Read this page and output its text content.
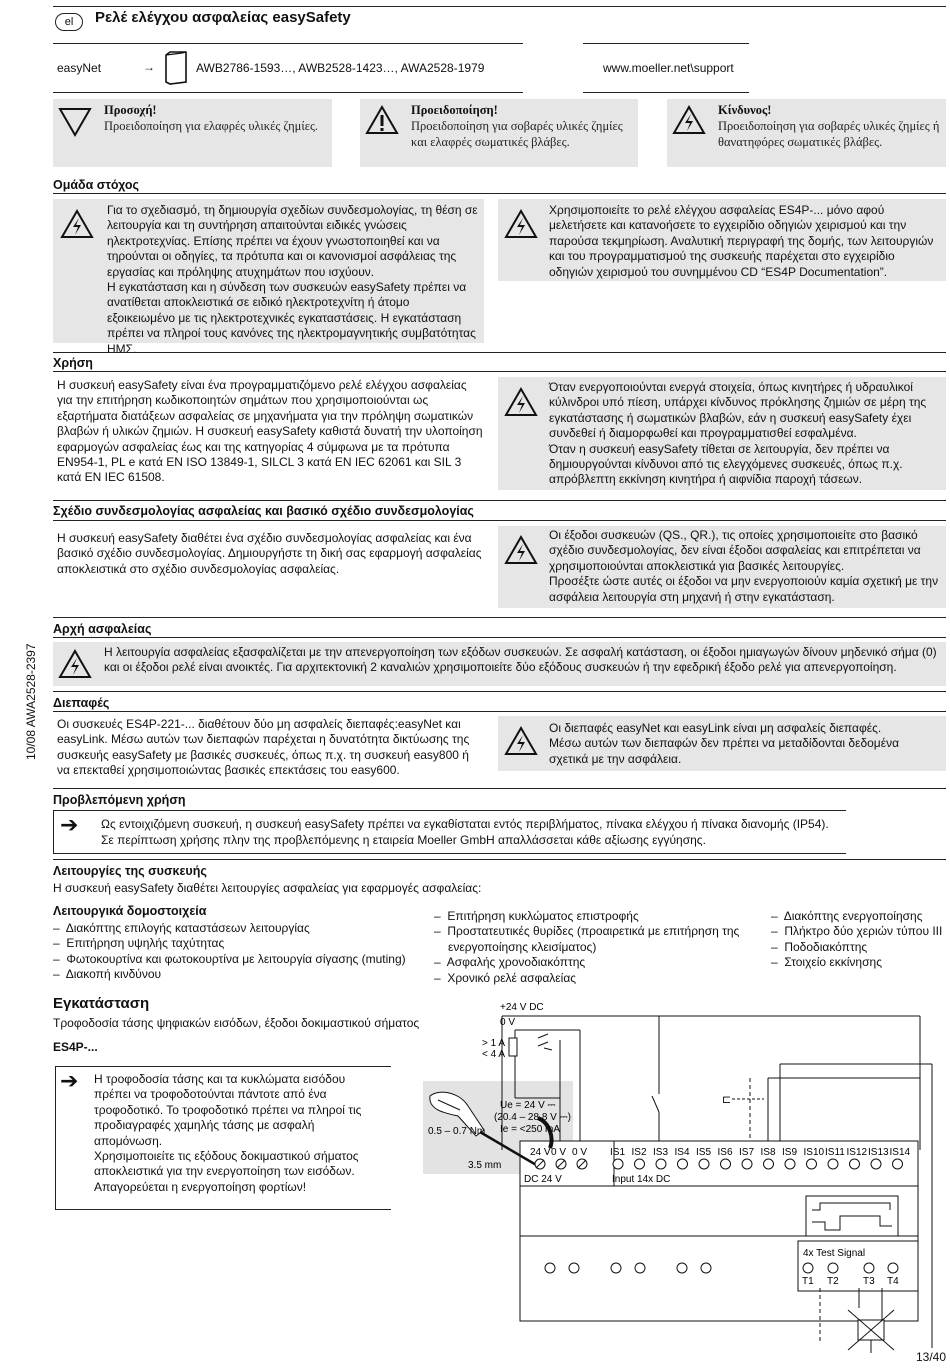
el	Ρελέ ελέγχου ασφαλείας easySafety
easyNet	→	AWB2786-1593…, AWB2528-1423…, AWA2528-1979	www.moeller.net\support
Προσοχή!
Προειδοποίηση για ελαφρές υλικές ζημίες.
Προειδοποίηση!
Προειδοποίηση για σοβαρές υλικές ζημίες και ελαφρές σωματικές βλάβες.
Κίνδυνος!
Προειδοποίηση για σοβαρές υλικές ζημίες ή θανατηφόρες σωματικές βλάβες.
Ομάδα στόχος
Για το σχεδιασμό, τη δημιουργία σχεδίων συνδεσμολογίας, τη θέση σε λειτουργία και τη συντήρηση απαιτούνται ειδικές γνώσεις ηλεκτροτεχνίας. Επίσης πρέπει να έχουν γνωστοποιηθεί και να τηρούνται οι οδηγίες, τα πρότυπα και οι κανονισμοί ασφάλειας της εργασίας και πρόληψης ατυχημάτων που ισχύουν.
Η εγκατάσταση και η σύνδεση των συσκευών easySafety πρέπει να ανατίθεται αποκλειστικά σε ειδικό ηλεκτροτεχνίτη ή άτομο εξοικειωμένο με τις ηλεκτροτεχνικές εγκαταστάσεις. Η εγκατάσταση πρέπει να πληροί τους κανόνες της ηλεκτρομαγνητικής συμβατότητας ΗΜΣ.
Χρησιμοποιείτε το ρελέ ελέγχου ασφαλείας ES4P-... μόνο αφού μελετήσετε και κατανοήσετε το εγχειρίδιο οδηγιών χειρισμού και την παρούσα τεκμηρίωση. Αναλυτική περιγραφή της δομής, των λειτουργιών και του προγραμματισμού της συσκευής παρέχεται στο εγχειρίδιο οδηγιών χειρισμού του συνημμένου CD “ES4P Documentation”.
Χρήση
Η συσκευή easySafety είναι ένα προγραμματιζόμενο ρελέ ελέγχου ασφαλείας για την επιτήρηση κωδικοποιητών σημάτων που χρησιμοποιούνται ως εξαρτήματα διατάξεων ασφαλείας σε μηχανήματα για την πρόληψη σωματικών βλαβών ή υλικών ζημιών. Η συσκευή easySafety καθιστά δυνατή την υλοποίηση εφαρμογών ασφαλείας έως και της κατηγορίας 4 σύμφωνα με τα πρότυπα EN954-1, PL e κατά EN ISO 13849-1, SILCL 3 κατά EN IEC 62061 και SIL 3 κατά EN IEC 61508.
Όταν ενεργοποιούνται ενεργά στοιχεία, όπως κινητήρες ή υδραυλικοί κύλινδροι υπό πίεση, υπάρχει κίνδυνος πρόκλησης ζημιών σε μέρη της εγκατάστασης ή σωματικών βλαβών, εάν η συσκευή easySafety έχει συνδεθεί ή διαμορφωθεί και προγραμματισθεί εσφαλμένα.
Όταν η συσκευή easySafety τίθεται σε λειτουργία, δεν πρέπει να δημιουργούνται κίνδυνοι από τις ελεγχόμενες συσκευές, όπως π.χ. απρόβλεπτη εκκίνηση κινητήρα ή αιφνίδια παροχή τάσεων.
Σχέδιο συνδεσμολογίας ασφαλείας και βασικό σχέδιο συνδεσμολογίας
Η συσκευή easySafety διαθέτει ένα σχέδιο συνδεσμολογίας ασφαλείας και ένα βασικό σχέδιο συνδεσμολογίας. Δημιουργήστε τη δική σας εφαρμογή ασφαλείας αποκλειστικά στο σχέδιο συνδεσμολογίας ασφαλείας.
Οι έξοδοι συσκευών (QS., QR.), τις οποίες χρησιμοποιείτε στο βασικό σχέδιο συνδεσμολογίας, δεν είναι έξοδοι ασφαλείας και επιτρέπεται να χρησιμοποιούνται αποκλειστικά για βασικές λειτουργίες.
Προσέξτε ώστε αυτές οι έξοδοι να μην ενεργοποιούν καμία σχετική με την ασφάλεια λειτουργία στη μηχανή ή στην εγκατάσταση.
Αρχή ασφαλείας
Η λειτουργία ασφαλείας εξασφαλίζεται με την απενεργοποίηση των εξόδων συσκευών. Σε ασφαλή κατάσταση, οι έξοδοι ημιαγωγών δίνουν μηδενικό σήμα (0) και οι έξοδοι ρελέ είναι ανοικτές. Για αρχιτεκτονική 2 καναλιών χρησιμοποιείτε δύο εξόδους συσκευών ή την εφεδρική έξοδο ρελέ για απενεργοποίηση.
Διεπαφές
Οι συσκευές ES4P-221-... διαθέτουν δύο μη ασφαλείς διεπαφές:easyNet και easyLink. Μέσω αυτών των διεπαφών παρέχεται η δυνατότητα δικτύωσης της συσκευής easySafety με βασικές συσκευές, όπως π.χ. τη συσκευή easy800 ή να επεκταθεί χρησιμοποιώντας βασικές επεκτάσεις του easy600.
Οι διεπαφές easyNet και easyLink είναι μη ασφαλείς διεπαφές.
Μέσω αυτών των διεπαφών δεν πρέπει να μεταδίδονται δεδομένα σχετικά με την ασφάλεια.
Προβλεπόμενη χρήση
➔ Ως εντοιχιζόμενη συσκευή, η συσκευή easySafety πρέπει να εγκαθίσταται εντός περιβλήματος, πίνακα ελέγχου ή πίνακα διανομής (IP54).
Σε περίπτωση χρήσης πλην της προβλεπόμενης η εταιρεία Moeller GmbH απαλλάσσεται κάθε αξίωσης εγγύησης.
Λειτουργίες της συσκευής
Η συσκευή easySafety διαθέτει λειτουργίες ασφαλείας για εφαρμογές ασφαλείας:
Λειτουργικά δομοστοιχεία
–  Διακόπτης επιλογής καταστάσεων λειτουργίας
–  Επιτήρηση υψηλής ταχύτητας
–  Φωτοκουρτίνα και φωτοκουρτίνα με λειτουργία σίγασης (muting)
–  Διακοπή κινδύνου
–  Επιτήρηση κυκλώματος επιστροφής
–  Προστατευτικές θυρίδες (προαιρετικά με επιτήρηση της
ενεργοποίησης κλεισίματος)
–  Ασφαλής χρονοδιακόπτης
–  Χρονικό ρελέ ασφαλείας
–  Διακόπτης ενεργοποίησης
–  Πλήκτρο δύο χεριών τύπου III
–  Ποδοδιακόπτης
–  Στοιχείο εκκίνησης
Εγκατάσταση
Τροφοδοσία τάσης ψηφιακών εισόδων, έξοδοι δοκιμαστικού σήματος
ES4P-...
➔ Η τροφοδοσία τάσης και τα κυκλώματα εισόδου πρέπει να τροφοδοτούνται πάντοτε από ένα τροφοδοτικό. Το τροφοδοτικό πρέπει να πληροί τις προδιαγραφές χαμηλής τάσης με ασφαλή απομόνωση.
Χρησιμοποιείτε τις εξόδους δοκιμαστικού σήματος αποκλειστικά για την ενεργοποίηση των εισόδων.
Απαγορεύεται η ενεργοποίηση φορτίων!
+24 V DC
0 V
> 1 A
< 4 A
⊏
Ue = 24 V ⎓
(20.4 – 28.8 V ⎓)
Ie = <250 mA
0.5 – 0.7 Nm
3.5 mm
24 V 0 V 0 V
DC 24 V
IS1 IS2 IS3 IS4 IS5 IS6 IS7 IS8 IS9 IS10 IS11 IS12 IS13 IS14
Input 14x DC
4x Test Signal
T1 T2 T3 T4
10/08 AWA2528-2397
13/40
